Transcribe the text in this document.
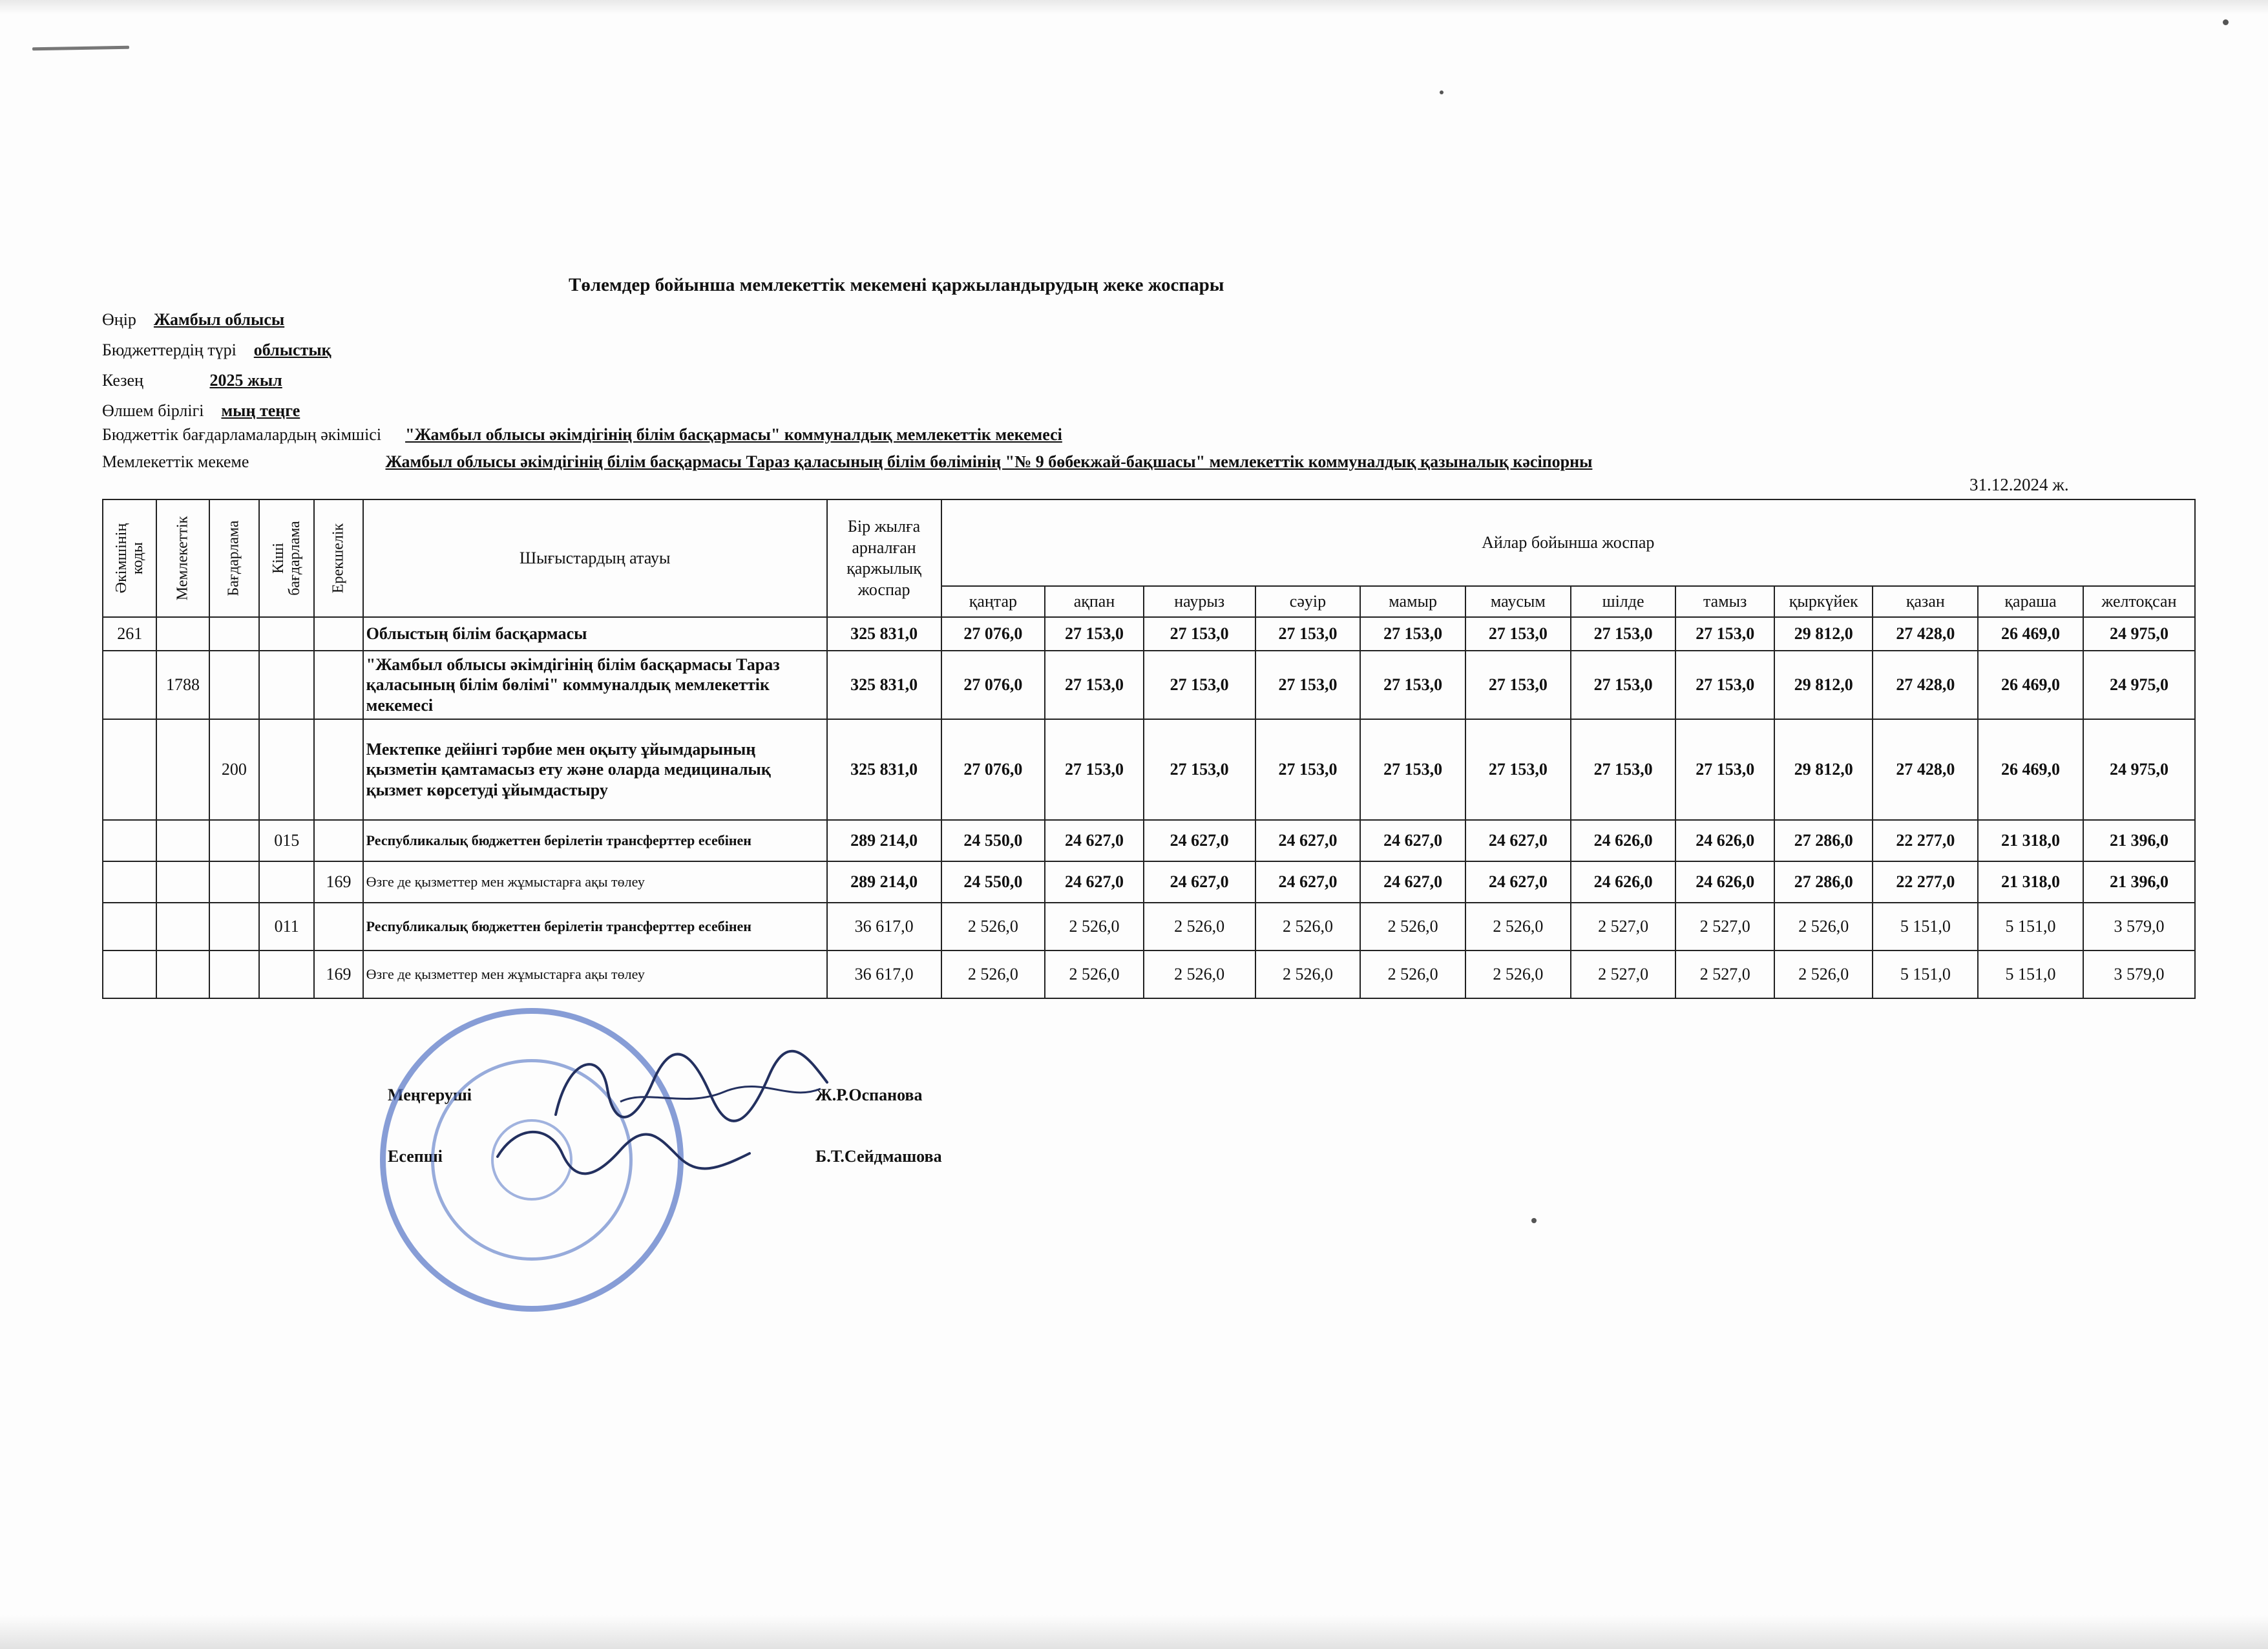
Төлемдер бойынша мемлекеттік мекемені қаржыландырудың жеке жоспары
Өңір Жамбыл облысы
Бюджеттердің түрі облыстық
Кезең	2025 жыл
Өлшем бірлігі мың теңге
Бюджеттік бағдарламалардың әкімшісі "Жамбыл облысы әкімдігінің білім басқармасы" коммуналдық мемлекеттік мекемесі
Мемлекеттік мекеме	Жамбыл облысы әкімдігінің білім басқармасы Тараз қаласының білім бөлімінің "№ 9 бөбекжай-бақшасы" мемлекеттік коммуналдық қазыналық кәсіпорны
31.12.2024 ж.
Әкімшінің коды	Мемлекеттік	Бағдарлама	Кіші бағдарлама	Ерекшелік	Шығыстардың атауы	Бір жылға арналған қаржылық жоспар	Айлар бойынша жоспар											
							қаңтар	ақпан	наурыз	сәуір	мамыр	маусым	шілде	тамыз	қыркүйек	қазан	қараша	желтоқсан
261					Облыстың білім басқармасы	325 831,0	27 076,0	27 153,0	27 153,0	27 153,0	27 153,0	27 153,0	27 153,0	27 153,0	29 812,0	27 428,0	26 469,0	24 975,0
	1788				"Жамбыл облысы әкімдігінің білім басқармасы Тараз қаласының білім бөлімі" коммуналдық мемлекеттік мекемесі	325 831,0	27 076,0	27 153,0	27 153,0	27 153,0	27 153,0	27 153,0	27 153,0	27 153,0	29 812,0	27 428,0	26 469,0	24 975,0
		200			Мектепке дейінгі тәрбие мен оқыту ұйымдарының қызметін қамтамасыз ету және оларда медициналық қызмет көрсетуді ұйымдастыру	325 831,0	27 076,0	27 153,0	27 153,0	27 153,0	27 153,0	27 153,0	27 153,0	27 153,0	29 812,0	27 428,0	26 469,0	24 975,0
			015		Республикалық бюджеттен берілетін трансферттер есебінен	289 214,0	24 550,0	24 627,0	24 627,0	24 627,0	24 627,0	24 627,0	24 626,0	24 626,0	27 286,0	22 277,0	21 318,0	21 396,0
				169	Өзге де қызметтер мен жұмыстарға ақы төлеу	289 214,0	24 550,0	24 627,0	24 627,0	24 627,0	24 627,0	24 627,0	24 626,0	24 626,0	27 286,0	22 277,0	21 318,0	21 396,0
			011		Республикалық бюджеттен берілетін трансферттер есебінен	36 617,0	2 526,0	2 526,0	2 526,0	2 526,0	2 526,0	2 526,0	2 527,0	2 527,0	2 526,0	5 151,0	5 151,0	3 579,0
				169	Өзге де қызметтер мен жұмыстарға ақы төлеу	36 617,0	2 526,0	2 526,0	2 526,0	2 526,0	2 526,0	2 526,0	2 527,0	2 527,0	2 526,0	5 151,0	5 151,0	3 579,0
Меңгеруші	Ж.Р.Оспанова
Есепші	Б.Т.Сейдмашова
